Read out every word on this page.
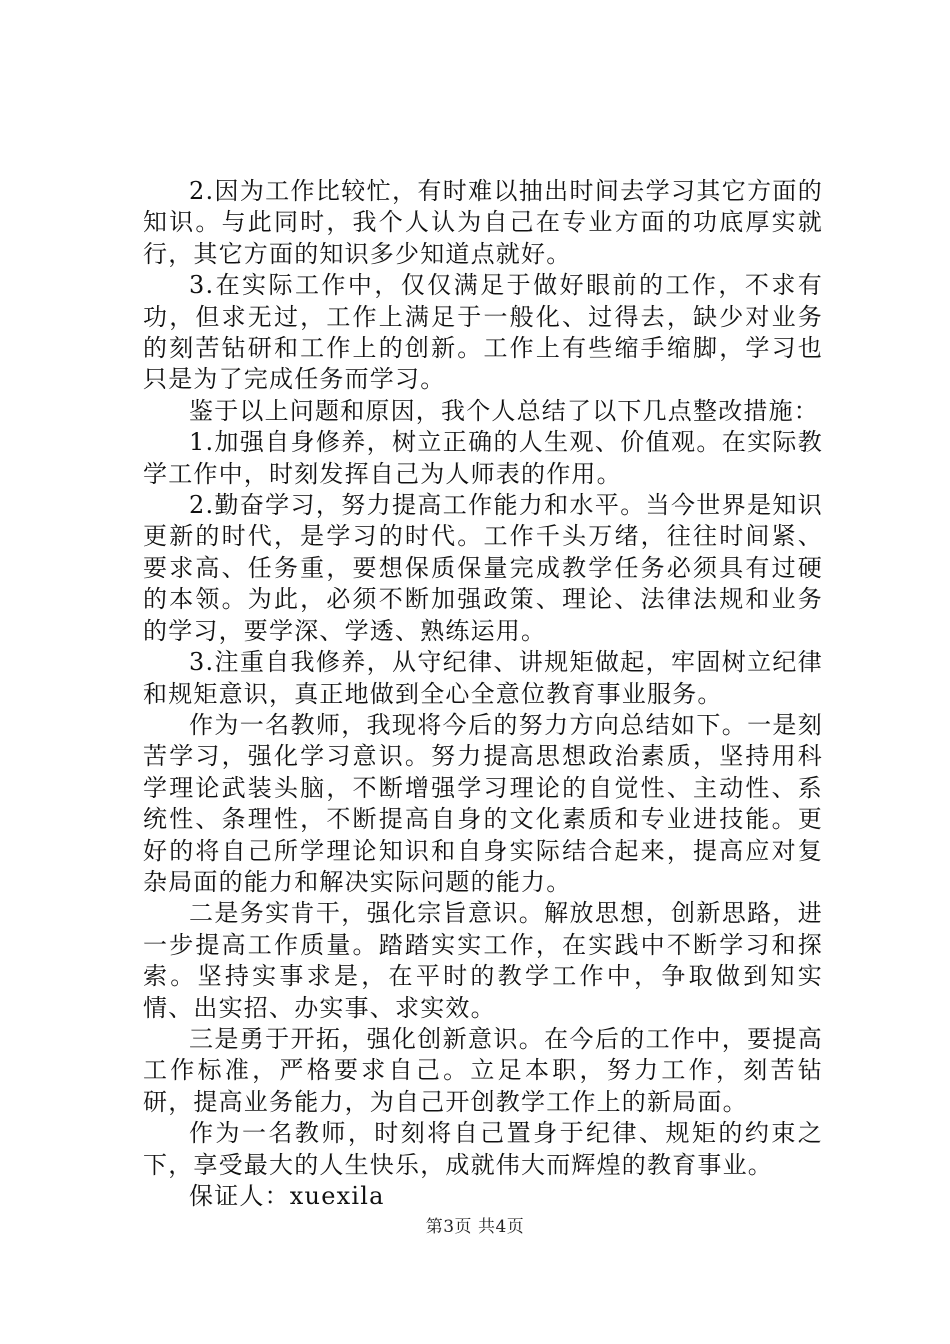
2.因为工作比较忙，有时难以抽出时间去学习其它方面的知识。与此同时，我个人认为自己在专业方面的功底厚实就行，其它方面的知识多少知道点就好。

3.在实际工作中，仅仅满足于做好眼前的工作，不求有功，但求无过，工作上满足于一般化、过得去，缺少对业务的刻苦钻研和工作上的创新。工作上有些缩手缩脚，学习也只是为了完成任务而学习。

鉴于以上问题和原因，我个人总结了以下几点整改措施：

1.加强自身修养，树立正确的人生观、价值观。在实际教学工作中，时刻发挥自己为人师表的作用。

2.勤奋学习，努力提高工作能力和水平。当今世界是知识更新的时代，是学习的时代。工作千头万绪，往往时间紧、要求高、任务重，要想保质保量完成教学任务必须具有过硬的本领。为此，必须不断加强政策、理论、法律法规和业务的学习，要学深、学透、熟练运用。

3.注重自我修养，从守纪律、讲规矩做起，牢固树立纪律和规矩意识，真正地做到全心全意位教育事业服务。

作为一名教师，我现将今后的努力方向总结如下。一是刻苦学习，强化学习意识。努力提高思想政治素质，坚持用科学理论武装头脑，不断增强学习理论的自觉性、主动性、系统性、条理性，不断提高自身的文化素质和专业进技能。更好的将自己所学理论知识和自身实际结合起来，提高应对复杂局面的能力和解决实际问题的能力。

二是务实肯干，强化宗旨意识。解放思想，创新思路，进一步提高工作质量。踏踏实实工作，在实践中不断学习和探索。坚持实事求是，在平时的教学工作中，争取做到知实情、出实招、办实事、求实效。

三是勇于开拓，强化创新意识。在今后的工作中，要提高工作标准，严格要求自己。立足本职，努力工作，刻苦钻研，提高业务能力，为自己开创教学工作上的新局面。

作为一名教师，时刻将自己置身于纪律、规矩的约束之下，享受最大的人生快乐，成就伟大而辉煌的教育事业。

保证人：xuexila

第3页 共4页
